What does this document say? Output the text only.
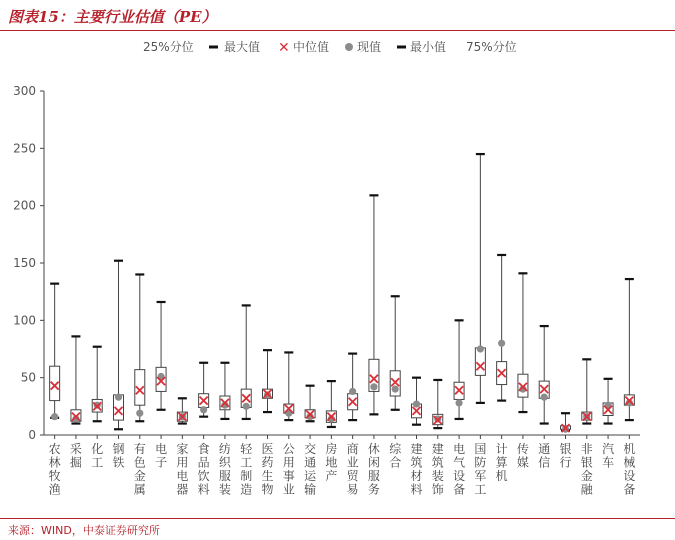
图表15：主要行业估值（PE）
25%分位	最大值 ✕ 中位值 现值 最小值 75%分位
0
50
100
150
200
250
300
农林牧渔
采掘
化工
钢铁
有色金属
电子
家用电器
食品饮料
纺织服装
轻工制造
医药生物
公用事业
交通运输
房地产
商业贸易
休闲服务
综合
建筑材料
建筑装饰
电气设备
国防军工
计算机
传媒
通信
银行
非银金融
汽车
机械设备
来源：WIND，中泰证券研究所
